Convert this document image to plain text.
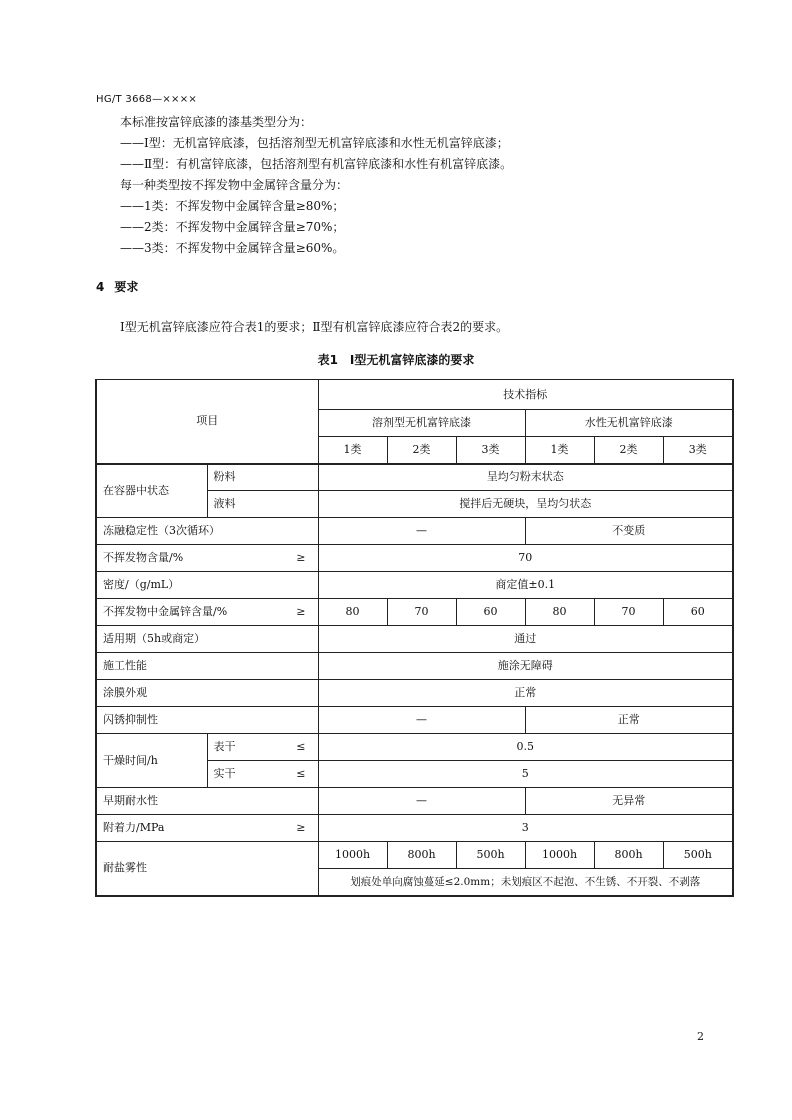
HG/T 3668—××××
本标准按富锌底漆的漆基类型分为：
——Ⅰ型：无机富锌底漆，包括溶剂型无机富锌底漆和水性无机富锌底漆；
——Ⅱ型：有机富锌底漆，包括溶剂型有机富锌底漆和水性有机富锌底漆。
每一种类型按不挥发物中金属锌含量分为：
——1类：不挥发物中金属锌含量≥80%；
——2类：不挥发物中金属锌含量≥70%；
——3类：不挥发物中金属锌含量≥60%。
4 要求
Ⅰ型无机富锌底漆应符合表1的要求；Ⅱ型有机富锌底漆应符合表2的要求。
表1　Ⅰ型无机富锌底漆的要求
项目		技术指标					
		溶剂型无机富锌底漆			水性无机富锌底漆		
		1类	2类	3类	1类	2类	3类
在容器中状态	粉料	呈均匀粉末状态					
	液料	搅拌后无硬块，呈均匀状态					
冻融稳定性（3次循环）		—			不变质		
不挥发物含量/% ≥		70					
密度/（g/mL）		商定值±0.1					
不挥发物中金属锌含量/% ≥		80	70	60	80	70	60
适用期（5h或商定）		通过					
施工性能		施涂无障碍					
涂膜外观		正常					
闪锈抑制性		—			正常		
干燥时间/h	表干 ≤	0.5					
	实干 ≤	5					
早期耐水性		—			无异常		
附着力/MPa ≥		3					
耐盐雾性		1000h	800h	500h	1000h	800h	500h
		划痕处单向腐蚀蔓延≤2.0mm；未划痕区不起泡、不生锈、不开裂、不剥落					
2
